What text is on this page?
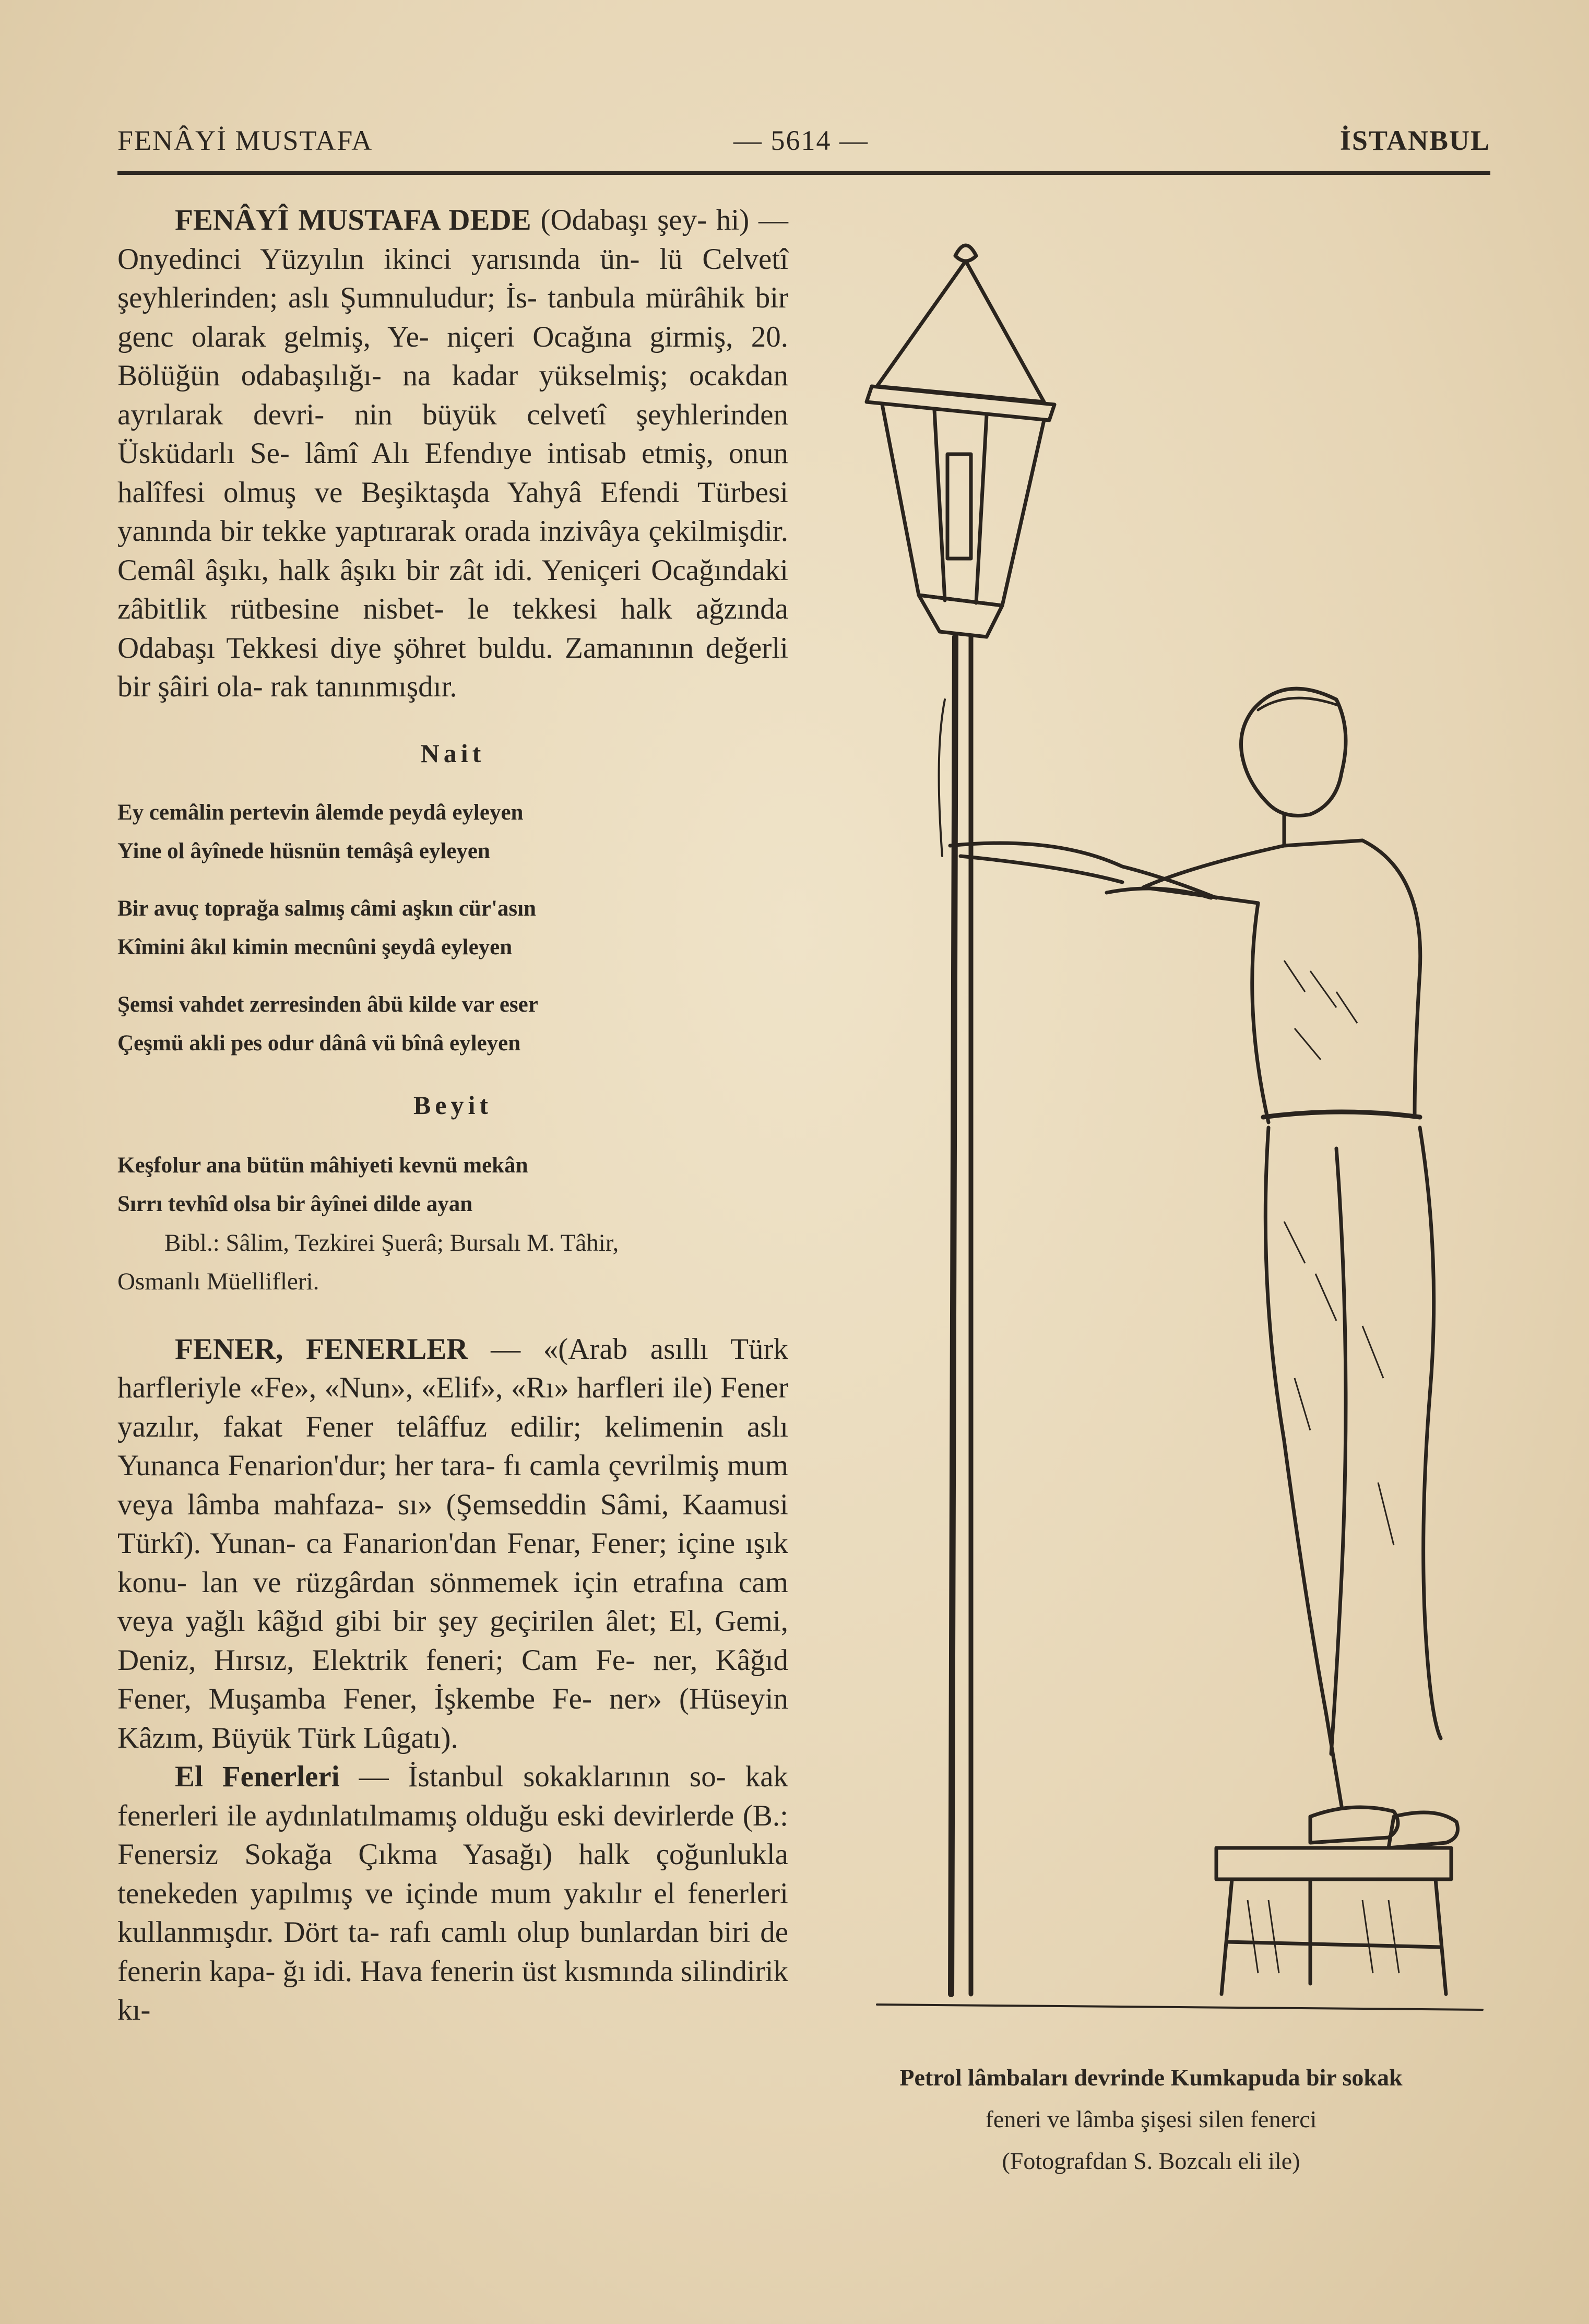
FENÂYİ MUSTAFA	— 5614 —	İSTANBUL
FENÂYÎ MUSTAFA DEDE (Odabaşı şey- hi) — Onyedinci Yüzyılın ikinci yarısında ün- lü Celvetî şeyhlerinden; aslı Şumnuludur; İs- tanbula mürâhik bir genc olarak gelmiş, Ye- niçeri Ocağına girmiş, 20. Bölüğün odabaşılığı- na kadar yükselmiş; ocakdan ayrılarak devri- nin büyük celvetî şeyhlerinden Üsküdarlı Se- lâmî Alı Efendıye intisab etmiş, onun halîfesi olmuş ve Beşiktaşda Yahyâ Efendi Türbesi yanında bir tekke yaptırarak orada inzivâya çekilmişdir. Cemâl âşıkı, halk âşıkı bir zât idi. Yeniçeri Ocağındaki zâbitlik rütbesine nisbet- le tekkesi halk ağzında Odabaşı Tekkesi diye şöhret buldu. Zamanının değerli bir şâiri ola- rak tanınmışdır.

Nait

Ey cemâlin pertevin âlemde peydâ eyleyen

Yine ol âyînede hüsnün temâşâ eyleyen

Bir avuç toprağa salmış câmi aşkın cür'asın

Kîmini âkıl kimin mecnûni şeydâ eyleyen

Şemsi vahdet zerresinden âbü kilde var eser

Çeşmü akli pes odur dânâ vü bînâ eyleyen

Beyit

Keşfolur ana bütün mâhiyeti kevnü mekân

Sırrı tevhîd olsa bir âyînei dilde ayan

Bibl.: Sâlim, Tezkirei Şuerâ; Bursalı M. Tâhir,

Osmanlı Müellifleri.

FENER, FENERLER — «(Arab asıllı Türk harfleriyle «Fe», «Nun», «Elif», «Rı» harfleri ile) Fener yazılır, fakat Fener telâffuz edilir; kelimenin aslı Yunanca Fenarion'dur; her tara- fı camla çevrilmiş mum veya lâmba mahfaza- sı» (Şemseddin Sâmi, Kaamusi Türkî). Yunan- ca Fanarion'dan Fenar, Fener; içine ışık konu- lan ve rüzgârdan sönmemek için etrafına cam veya yağlı kâğıd gibi bir şey geçirilen âlet; El, Gemi, Deniz, Hırsız, Elektrik feneri; Cam Fe- ner, Kâğıd Fener, Muşamba Fener, İşkembe Fe- ner» (Hüseyin Kâzım, Büyük Türk Lûgatı).
El Fenerleri — İstanbul sokaklarının so- kak fenerleri ile aydınlatılmamış olduğu eski devirlerde (B.: Fenersiz Sokağa Çıkma Yasağı) halk çoğunlukla tenekeden yapılmış ve içinde mum yakılır el fenerleri kullanmışdır. Dört ta- rafı camlı olup bunlardan biri de fenerin kapa- ğı idi. Hava fenerin üst kısmında silindirik kı-
Petrol lâmbaları devrinde Kumkapuda bir sokak
feneri ve lâmba şişesi silen fenerci
(Fotografdan S. Bozcalı eli ile)
